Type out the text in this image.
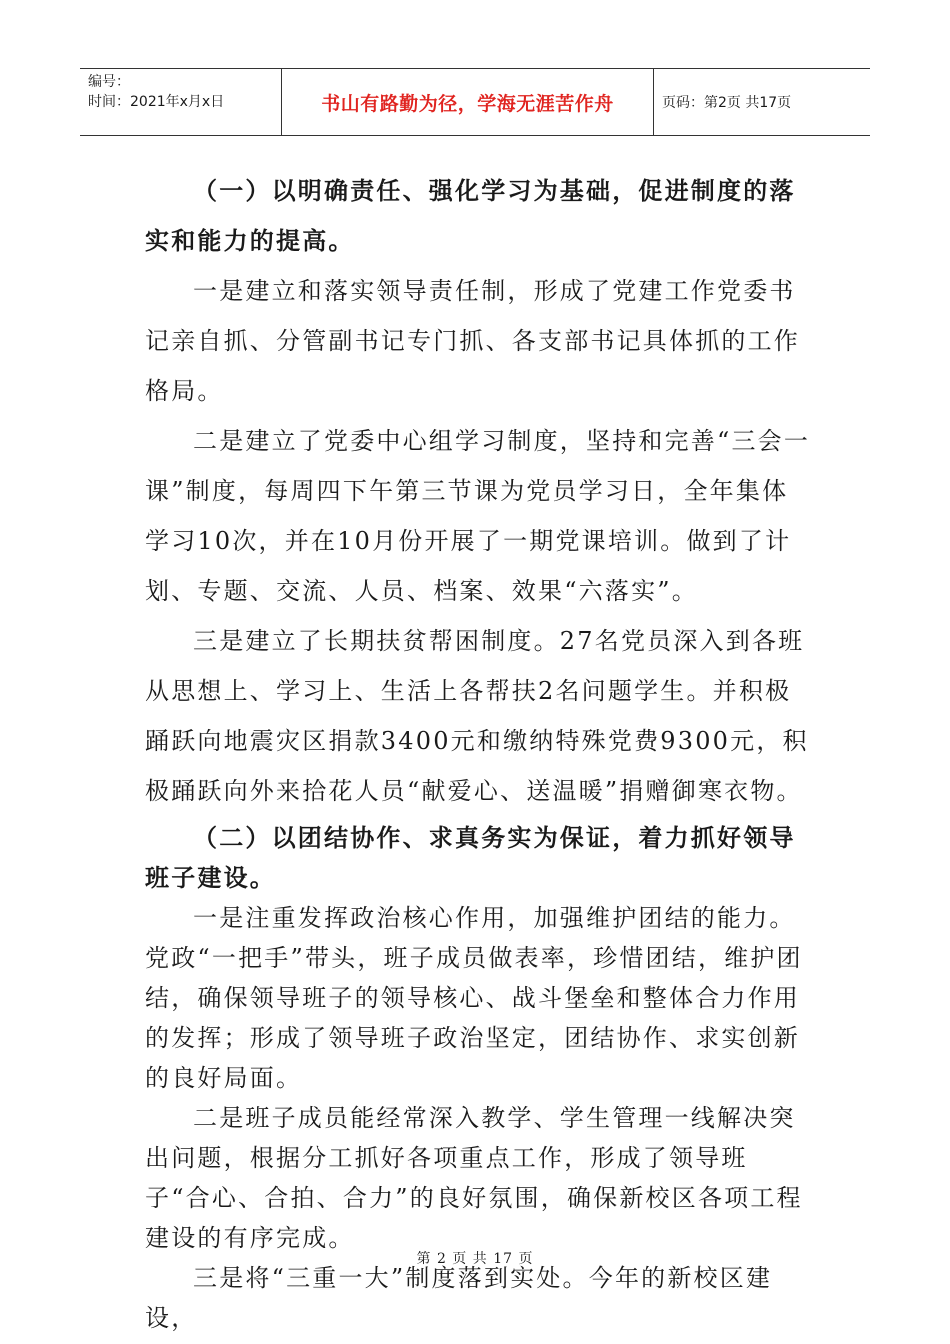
编号：
时间：2021年x月x日	书山有路勤为径，学海无涯苦作舟	页码：第2页 共17页

（一）以明确责任、强化学习为基础，促进制度的落实和能力的提高。

一是建立和落实领导责任制，形成了党建工作党委书记亲自抓、分管副书记专门抓、各支部书记具体抓的工作格局。

二是建立了党委中心组学习制度，坚持和完善“三会一课”制度，每周四下午第三节课为党员学习日，全年集体学习10次，并在10月份开展了一期党课培训。做到了计划、专题、交流、人员、档案、效果“六落实”。

三是建立了长期扶贫帮困制度。27名党员深入到各班从思想上、学习上、生活上各帮扶2名问题学生。并积极踊跃向地震灾区捐款3400元和缴纳特殊党费9300元，积极踊跃向外来拾花人员“献爱心、送温暖”捐赠御寒衣物。

（二）以团结协作、求真务实为保证，着力抓好领导班子建设。

一是注重发挥政治核心作用，加强维护团结的能力。党政“一把手”带头，班子成员做表率，珍惜团结，维护团结，确保领导班子的领导核心、战斗堡垒和整体合力作用的发挥；形成了领导班子政治坚定，团结协作、求实创新的良好局面。

二是班子成员能经常深入教学、学生管理一线解决突出问题，根据分工抓好各项重点工作，形成了领导班子“合心、合拍、合力”的良好氛围，确保新校区各项工程建设的有序完成。

三是将“三重一大”制度落到实处。今年的新校区建设，

第 2 页 共 17 页
